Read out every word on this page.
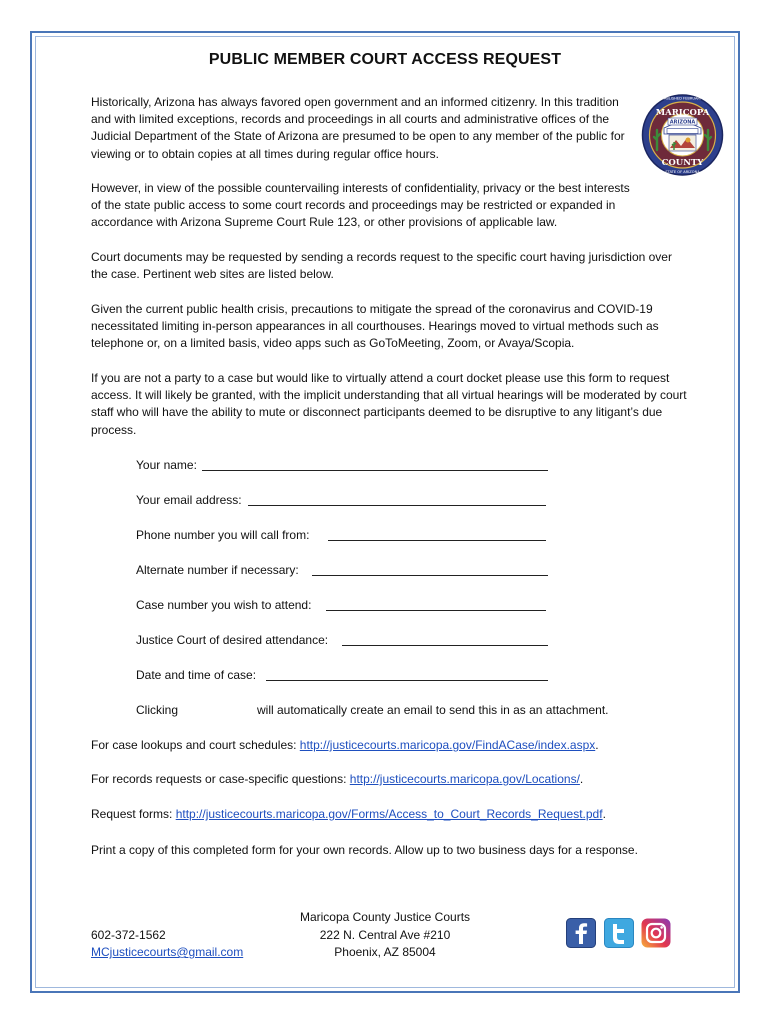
PUBLIC MEMBER COURT ACCESS REQUEST
MARICOPA
COUNTY
ESTABLISHED FEBRUARY 14
STATE OF ARIZONA
ARIZONA

Historically, Arizona has always favored open government and an informed citizenry. In this tradition and with limited exceptions, records and proceedings in all courts and administrative offices of the Judicial Department of the State of Arizona are presumed to be open to any member of the public for viewing or to obtain copies at all times during regular office hours.

However, in view of the possible countervailing interests of confidentiality, privacy or the best interests of the state public access to some court records and proceedings may be restricted or expanded in accordance with Arizona Supreme Court Rule 123, or other provisions of applicable law.

Court documents may be requested by sending a records request to the specific court having jurisdiction over the case. Pertinent web sites are listed below.

Given the current public health crisis, precautions to mitigate the spread of the coronavirus and COVID-19 necessitated limiting in-person appearances in all courthouses. Hearings moved to virtual methods such as telephone or, on a limited basis, video apps such as GoToMeeting, Zoom, or Avaya/Scopia.

If you are not a party to a case but would like to virtually attend a court docket please use this form to request access. It will likely be granted, with the implicit understanding that all virtual hearings will be moderated by court staff who will have the ability to mute or disconnect participants deemed to be disruptive to any litigant’s due process.

Your name:
Your email address:
Phone number you will call from:
Alternate number if necessary:
Case number you wish to attend:
Justice Court of desired attendance:
Date and time of case:
Clicking	will automatically create an email to send this in as an attachment.
For case lookups and court schedules: http://justicecourts.maricopa.gov/FindACase/index.aspx.
For records requests or case-specific questions: http://justicecourts.maricopa.gov/Locations/.
Request forms: http://justicecourts.maricopa.gov/Forms/Access_to_Court_Records_Request.pdf.
Print a copy of this completed form for your own records. Allow up to two business days for a response.
602-372-1562
MCjusticecourts@gmail.com
Maricopa County Justice Courts
222 N. Central Ave #210
Phoenix, AZ 85004
